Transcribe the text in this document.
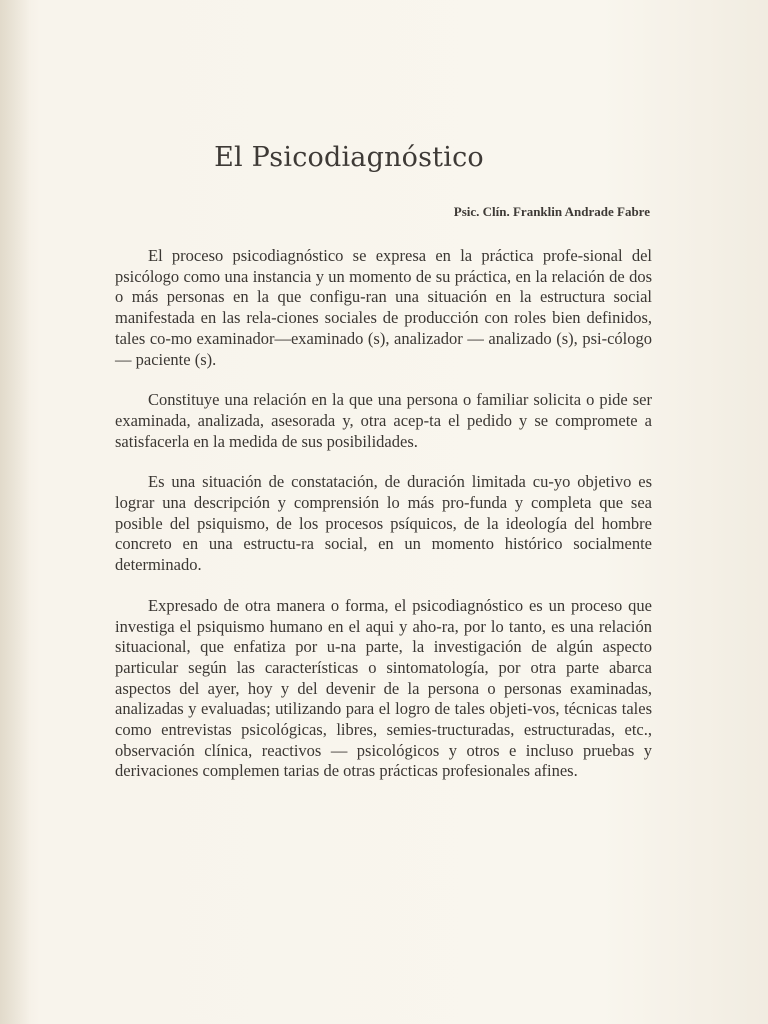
El Psicodiagnóstico

Psic. Clín. Franklin Andrade Fabre

El proceso psicodiagnóstico se expresa en la práctica profe-sional del psicólogo como una instancia y un momento de su práctica, en la relación de dos o más personas en la que configu-ran una situación en la estructura social manifestada en las rela-ciones sociales de producción con roles bien definidos, tales co-mo examinador—examinado (s), analizador — analizado (s), psi-cólogo — paciente (s).

Constituye una relación en la que una persona o familiar solicita o pide ser examinada, analizada, asesorada y, otra acep-ta el pedido y se compromete a satisfacerla en la medida de sus posibilidades.

Es una situación de constatación, de duración limitada cu-yo objetivo es lograr una descripción y comprensión lo más pro-funda y completa que sea posible del psiquismo, de los procesos psíquicos, de la ideología del hombre concreto en una estructu-ra social, en un momento histórico socialmente determinado.

Expresado de otra manera o forma, el psicodiagnóstico es un proceso que investiga el psiquismo humano en el aqui y aho-ra, por lo tanto, es una relación situacional, que enfatiza por u-na parte, la investigación de algún aspecto particular según las características o sintomatología, por otra parte abarca aspectos del ayer, hoy y del devenir de la persona o personas examinadas, analizadas y evaluadas; utilizando para el logro de tales objeti-vos, técnicas tales como entrevistas psicológicas, libres, semies-tructuradas, estructuradas, etc., observación clínica, reactivos — psicológicos y otros e incluso pruebas y derivaciones complemen tarias de otras prácticas profesionales afines.
